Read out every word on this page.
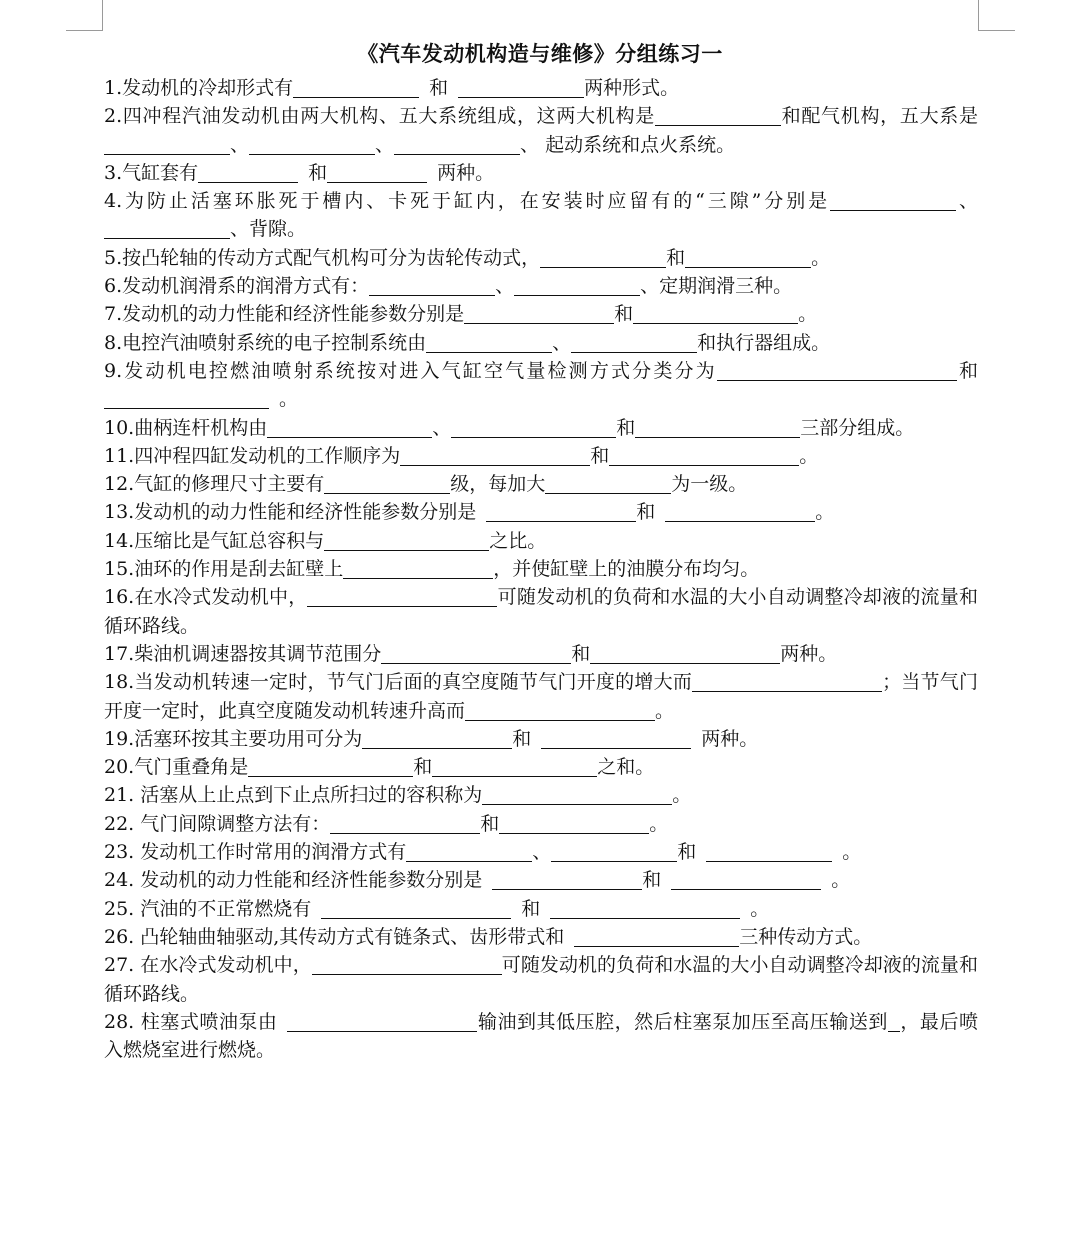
《汽车发动机构造与维修》分组练习一
1.发动机的冷却形式有	和	两种形式。
2.四冲程汽油发动机由两大机构、五大系统组成，这两大机构是	和配气机构，五大系是、	、	、 起动系统和点火系统。
3.气缸套有	和	两种。
4.为防止活塞环胀死于槽内、卡死于缸内，在安装时应留有的“三隙”分别是	、、背隙。
5.按凸轮轴的传动方式配气机构可分为齿轮传动式，	和	。
6.发动机润滑系的润滑方式有：	、	、定期润滑三种。
7.发动机的动力性能和经济性能参数分别是	和	。
8.电控汽油喷射系统的电子控制系统由	、	和执行器组成。
9.发动机电控燃油喷射系统按对进入气缸空气量检测方式分类分为	和。
10.曲柄连杆机构由	、	和	三部分组成。
11.四冲程四缸发动机的工作顺序为	和	。
12.气缸的修理尺寸主要有	级，每加大	为一级。
13.发动机的动力性能和经济性能参数分别是	和	。
14.压缩比是气缸总容积与	之比。
15.油环的作用是刮去缸壁上	，并使缸壁上的油膜分布均匀。
16.在水冷式发动机中，	可随发动机的负荷和水温的大小自动调整冷却液的流量和循环路线。
17.柴油机调速器按其调节范围分	和	两种。
18.当发动机转速一定时，节气门后面的真空度随节气门开度的增大而	；当节气门开度一定时，此真空度随发动机转速升高而	。
19.活塞环按其主要功用可分为	和	两种。
20.气门重叠角是	和	之和。
21. 活塞从上止点到下止点所扫过的容积称为	。
22. 气门间隙调整方法有：	和	。
23. 发动机工作时常用的润滑方式有	、	和	。
24. 发动机的动力性能和经济性能参数分别是	和	。
25. 汽油的不正常燃烧有	和	。
26. 凸轮轴曲轴驱动,其传动方式有链条式、齿形带式和	三种传动方式。
27. 在水冷式发动机中，	可随发动机的负荷和水温的大小自动调整冷却液的流量和循环路线。
28. 柱塞式喷油泵由	输油到其低压腔，然后柱塞泵加压至高压输送到 ，最后喷入燃烧室进行燃烧。
